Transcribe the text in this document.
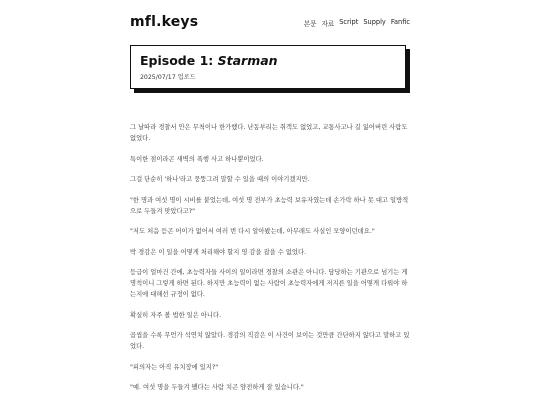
mfl.keys	본문 자료 Script Supply Fanfic
Episode 1: Starman
2025/07/17 업로드

그 날따라 경찰서 안은 무척이나 한가했다. 난동부리는 취객도 없었고, 교통사고나 길 잃어버린 사람도 없었다.

특이한 점이라곤 새벽의 폭행 사고 하나뿐이었다.

그걸 단순히 '하나'라고 뭉뚱그려 말할 수 있을 때의 이야기겠지만.

"한 명과 여섯 명이 시비를 붙었는데, 여섯 명 전부가 초능력 보유자였는데 손가락 하나 못 대고 일방적으로 두들겨 맞았다고?"

"저도 처음 듣곤 어이가 없어서 여러 번 다시 알아봤는데, 아무래도 사실인 모양이던데요."

박 경감은 이 일을 어떻게 처리해야 할지 영 감을 잡을 수 없었다.

등급이 얼마건 간에, 초능력자들 사이의 일이라면 경찰의 소관은 아니다. 담당하는 기관으로 넘기는 게 명칙이니 그렇게 하면 된다. 하지만 초능력이 없는 사람이 초능력자에게 저지른 일을 어떻게 다뤄야 하는지에 대해선 규정이 없다.

확실히 자주 볼 법한 일은 아니다.

곱씹을 수록 무언가 석연치 않았다. 경감의 직감은 이 사건이 보이는 것만큼 간단하지 않다고 말하고 있었다.

"피의자는 아직 유치장에 있지?"

"예. 여섯 명을 두들겨 팼다는 사람 치곤 얌전하게 잘 있습니다."
